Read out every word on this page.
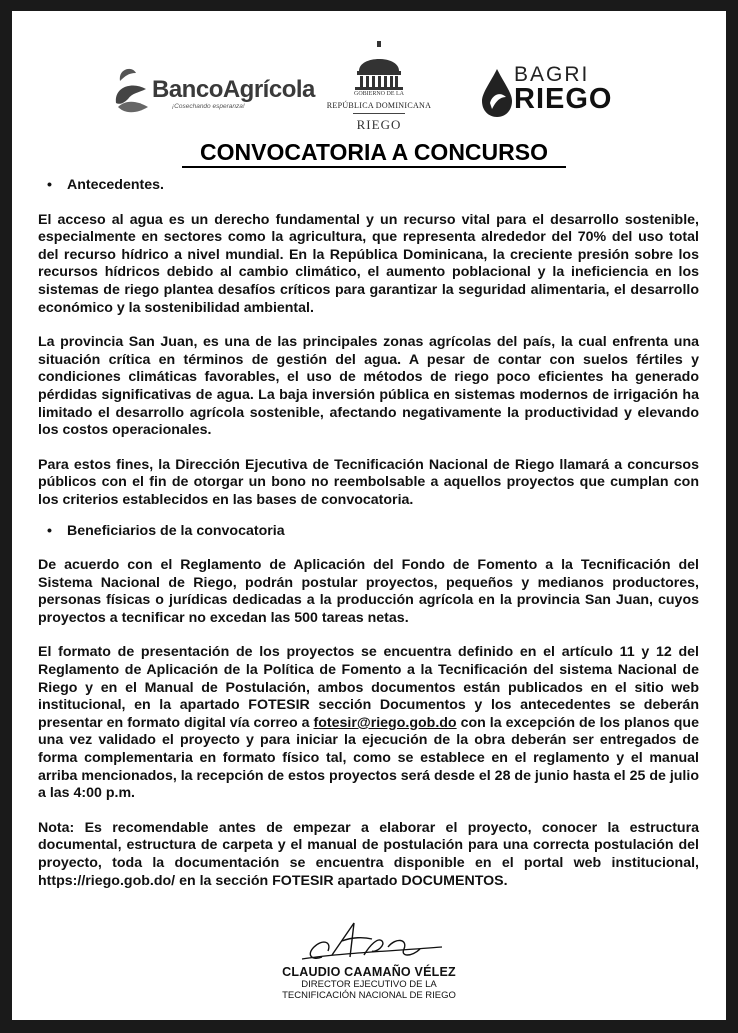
BancoAgrícola
¡Cosechando esperanza!
GOBIERNO DE LA
REPÚBLICA DOMINICANA
RIEGO
BAGRI
RIEGO
CONVOCATORIA A CONCURSO

• Antecedentes.

El acceso al agua es un derecho fundamental y un recurso vital para el desarrollo sostenible, especialmente en sectores como la agricultura, que representa alrededor del 70% del uso total del recurso hídrico a nivel mundial. En la República Dominicana, la creciente presión sobre los recursos hídricos debido al cambio climático, el aumento poblacional y la ineficiencia en los sistemas de riego plantea desafíos críticos para garantizar la seguridad alimentaria, el desarrollo económico y la sostenibilidad ambiental.

La provincia San Juan, es una de las principales zonas agrícolas del país, la cual enfrenta una situación crítica en términos de gestión del agua. A pesar de contar con suelos fértiles y condiciones climáticas favorables, el uso de métodos de riego poco eficientes ha generado pérdidas significativas de agua. La baja inversión pública en sistemas modernos de irrigación ha limitado el desarrollo agrícola sostenible, afectando negativamente la productividad y elevando los costos operacionales.

Para estos fines, la Dirección Ejecutiva de Tecnificación Nacional de Riego llamará a concursos públicos con el fin de otorgar un bono no reembolsable a aquellos proyectos que cumplan con los criterios establecidos en las bases de convocatoria.

• Beneficiarios de la convocatoria

De acuerdo con el Reglamento de Aplicación del Fondo de Fomento a la Tecnificación del Sistema Nacional de Riego, podrán postular proyectos, pequeños y medianos productores, personas físicas o jurídicas dedicadas a la producción agrícola en la provincia San Juan, cuyos proyectos a tecnificar no excedan las 500 tareas netas.

El formato de presentación de los proyectos se encuentra definido en el artículo 11 y 12 del Reglamento de Aplicación de la Política de Fomento a la Tecnificación del sistema Nacional de Riego y en el Manual de Postulación, ambos documentos están publicados en el sitio web institucional, en la apartado FOTESIR sección Documentos y los antecedentes se deberán presentar en formato digital vía correo a fotesir@riego.gob.do con la excepción de los planos que una vez validado el proyecto y para iniciar la ejecución de la obra deberán ser entregados de forma complementaria en formato físico tal, como se establece en el reglamento y el manual arriba mencionados, la recepción de estos proyectos será desde el 28 de junio hasta el 25 de julio a las 4:00 p.m.

Nota: Es recomendable antes de empezar a elaborar el proyecto, conocer la estructura documental, estructura de carpeta y el manual de postulación para una correcta postulación del proyecto, toda la documentación se encuentra disponible en el portal web institucional, https://riego.gob.do/ en la sección FOTESIR apartado DOCUMENTOS.

CLAUDIO CAAMAÑO VÉLEZ
DIRECTOR EJECUTIVO DE LA
TECNIFICACIÓN NACIONAL DE RIEGO
